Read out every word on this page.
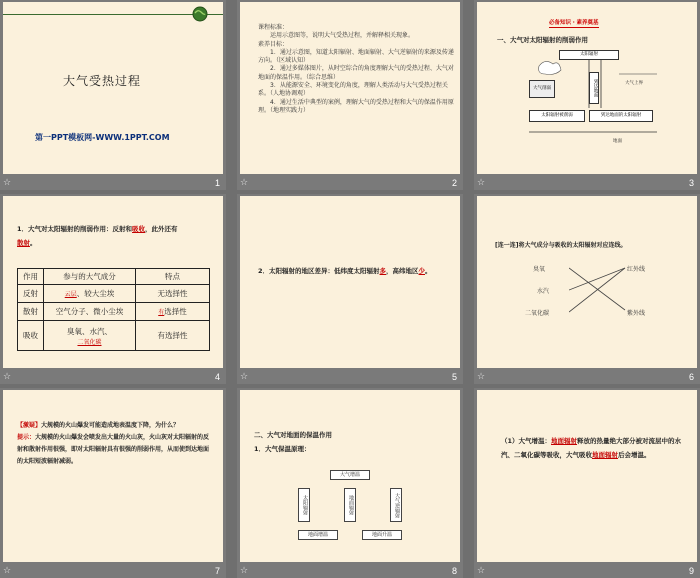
大气受热过程
第一PPT模板网-WWW.1PPT.COM
☆	1
课程标准：
运用示意图等，说明大气受热过程，并解释相关现象。
素养目标：
1．通过示意图，知道太阳辐射、地面辐射、大气逆辐射的来源及传递方向。（区域认知）
2．通过多媒体图片，从时空综合的角度理解大气的受热过程、大气对地面的保温作用。（综合思维）
3．从能源安全、环境变化的角度，理解人类活动与大气受热过程关系。（人地协调观）
4．通过生活中典型的案例，理解大气的受热过程和大气的保温作用原理。（地理实践力）
☆	2
必备知识・素养奠基
一、大气对太阳辐射的削弱作用
太阳辐射
大气削弱	到达地面	大气上界
太阳辐射被削弱	到达地面的太阳辐射
地面
☆	3
1．大气对太阳辐射的削弱作用：反射和吸收，此外还有
散射。
作用	参与的大气成分	特点
反射	云层、较大尘埃	无选择性
散射	空气分子、微小尘埃	有选择性
吸收	臭氧、水汽、
二氧化碳	有选择性
☆	4
2．太阳辐射的地区差异：低纬度太阳辐射多，高纬地区少。
☆	5
[连一连]将大气成分与吸收的太阳辐射对应连线。
臭氧
水汽
二氧化碳
红外线
紫外线
☆	6
【激疑】大规模的火山爆发可能造成地表温度下降，为什么？
提示：大规模的火山爆发会喷发出大量的火山灰，火山灰对太阳辐射的反射和散射作用很强，即对太阳辐射具有很强的削弱作用，从而使到达地面的太阳短波辐射减弱。
☆	7
二、大气对地面的保温作用
1．大气保温原理：
大气增温
太阳辐射	地面辐射	大气逆辐射
地面增温	地面升温
☆	8
（1）大气增温：地面辐射释放的热量绝大部分被对流层中的水汽、二氧化碳等吸收，大气吸收地面辐射后会增温。
☆	9
